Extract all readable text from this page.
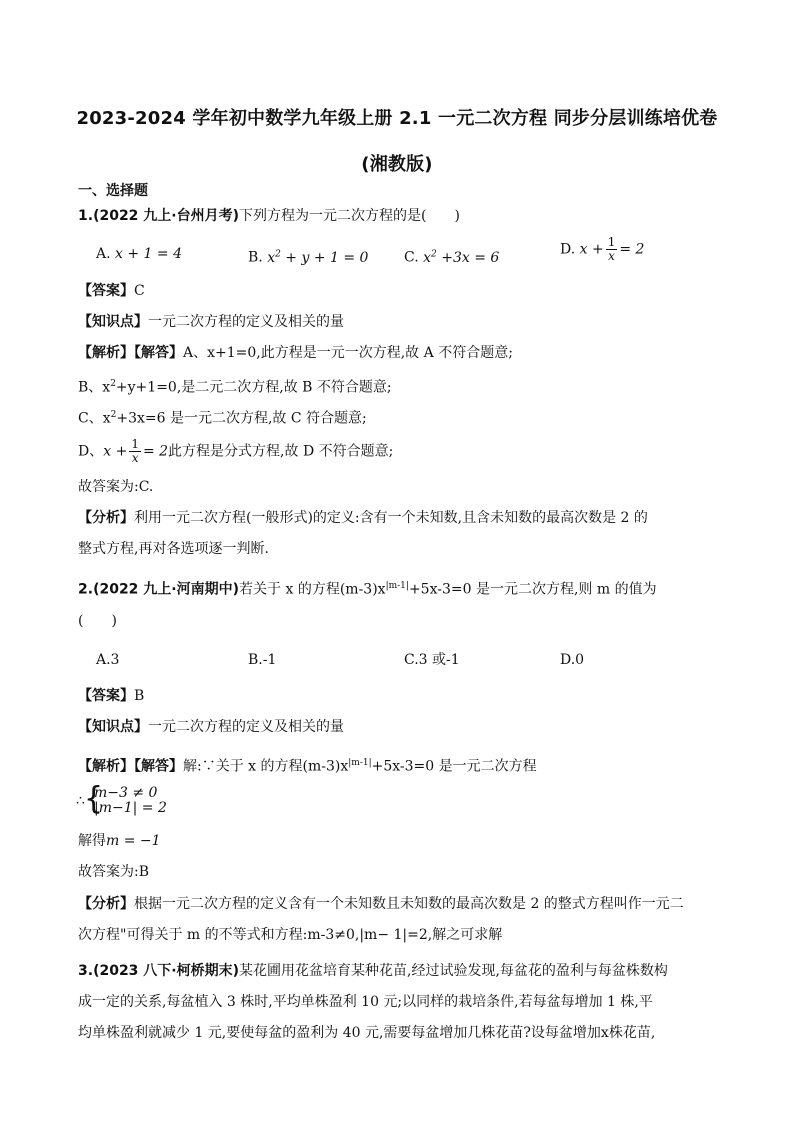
2023-2024 学年初中数学九年级上册 2.1 一元二次方程 同步分层训练培优卷
(湘教版)
一、选择题
1.(2022 九上·台州月考)下列方程为一元二次方程的是(　　)
A. x + 1 = 4	B. $x^2 + y + 1 = 0$	C. $x^2 +3x = 6$
D. $x + \frac{1}{x} = 2$
【答案】C
【知识点】一元二次方程的定义及相关的量
【解析】【解答】A、x+1=0,此方程是一元一次方程,故 A 不符合题意;
B、$x^2+y+1=0$,是二元二次方程,故 B 不符合题意;
C、$x^2+3x=6$ 是一元二次方程,故 C 符合题意;
D、$x + \frac{1}{x} = 2$此方程是分式方程,故 D 不符合题意;
故答案为:C.
【分析】利用一元二次方程(一般形式)的定义:含有一个未知数,且含未知数的最高次数是 2 的
整式方程,再对各选项逐一判断.
2.(2022 九上·河南期中)若关于 x 的方程$(m-3)x^{|m-1|}+5x-3=0$ 是一元二次方程,则 m 的值为
(　　)
A.3	B.-1	C.3 或-1	D.0
【答案】B
【知识点】一元二次方程的定义及相关的量
【解析】【解答】解:∵关于 x 的方程$(m-3)x^{|m-1|}+5x-3=0$ 是一元二次方程
∴ {
m−3 ≠ 0
|m−1| = 2
解得m = −1
故答案为:B
【分析】根据一元二次方程的定义含有一个未知数且未知数的最高次数是 2 的整式方程叫作一元二
次方程"可得关于 m 的不等式和方程:m-3≠0,|m− 1|=2,解之可求解
3.(2023 八下·柯桥期末)某花圃用花盆培育某种花苗,经过试验发现,每盆花的盈利与每盆株数构
成一定的关系,每盆植入 3 株时,平均单株盈利 10 元;以同样的栽培条件,若每盆每增加 1 株,平
均单株盈利就减少 1 元,要使每盆的盈利为 40 元,需要每盆增加几株花苗?设每盆增加x株花苗,
